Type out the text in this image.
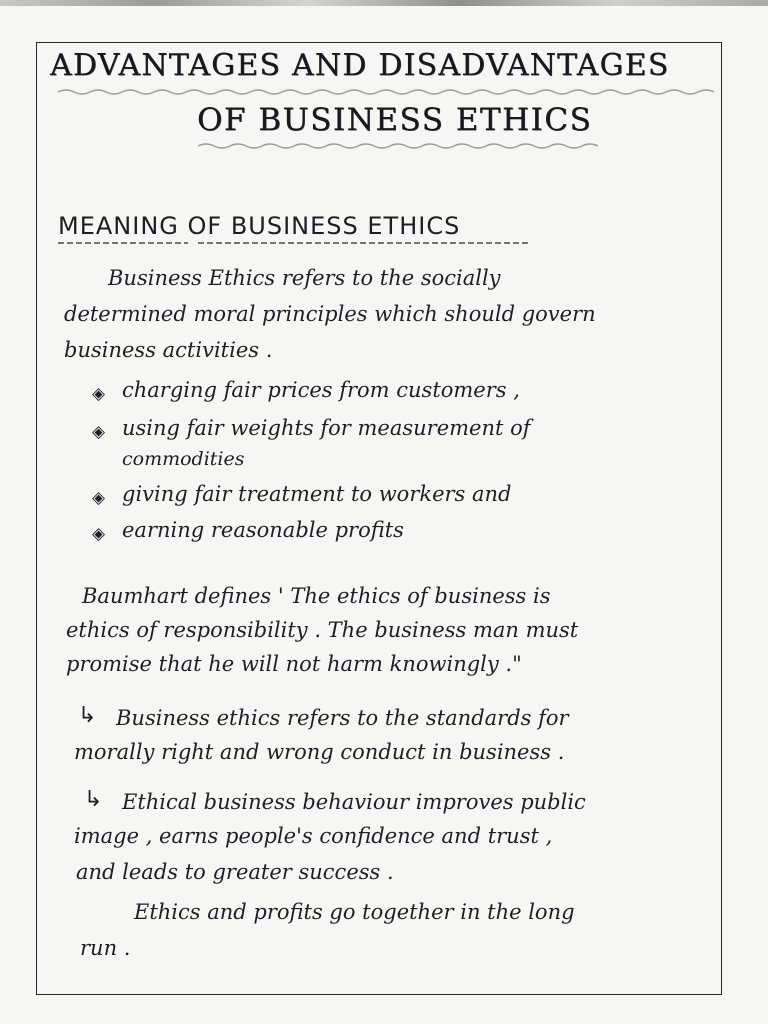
ADVANTAGES AND DISADVANTAGES
OF BUSINESS ETHICS
MEANING OF BUSINESS ETHICS
Business Ethics refers to the socially
determined moral principles which should govern
business activities .
◈ charging fair prices from customers ,
◈ using fair weights for measurement of
commodities
◈ giving fair treatment to workers and
◈ earning reasonable profits
Baumhart defines ' The ethics of business is
ethics of responsibility . The business man must
promise that he will not harm knowingly ."
↳ Business ethics refers to the standards for
morally right and wrong conduct in business .
↳ Ethical business behaviour improves public
image , earns people's confidence and trust ,
and leads to greater success .
Ethics and profits go together in the long
run .
